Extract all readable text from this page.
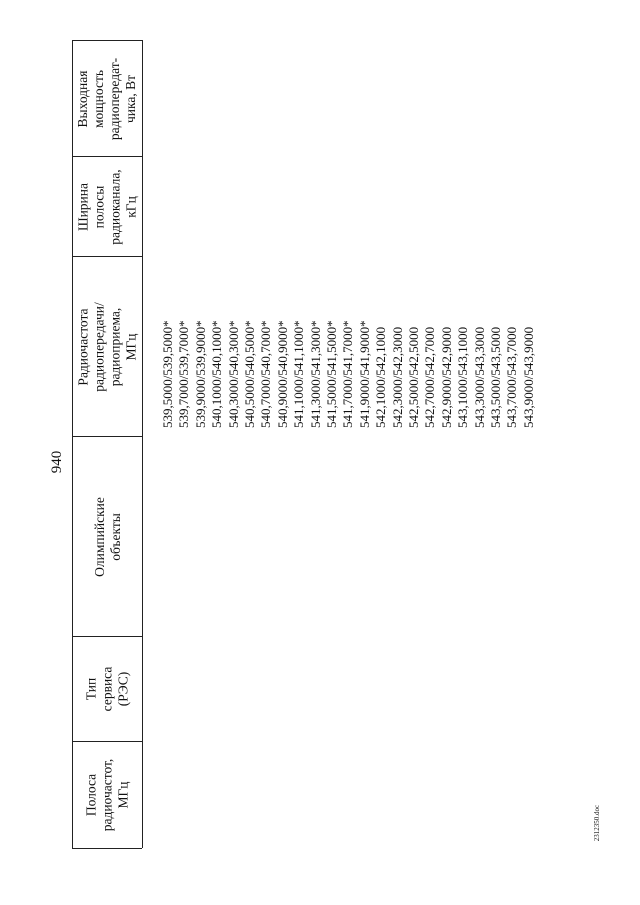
940
Полоса
радиочастот,
МГц
Тип сервиса
(РЭС)
Олимпийские объекты
Радиочастота
радиопередачи/
радиоприема, МГц
Ширина
полосы
радиоканала,
кГц
Выходная
мощность
радиопередат-
чика, Вт
539,5000/539,5000* 539,7000/539,7000* 539,9000/539,9000* 540,1000/540,1000* 540,3000/540,3000* 540,5000/540,5000* 540,7000/540,7000* 540,9000/540,9000* 541,1000/541,1000* 541,3000/541,3000* 541,5000/541,5000* 541,7000/541,7000* 541,9000/541,9000* 542,1000/542,1000 542,3000/542,3000 542,5000/542,5000 542,7000/542,7000 542,9000/542,9000 543,1000/543,1000 543,3000/543,3000 543,5000/543,5000 543,7000/543,7000 543,9000/543,9000
2312350.doc
